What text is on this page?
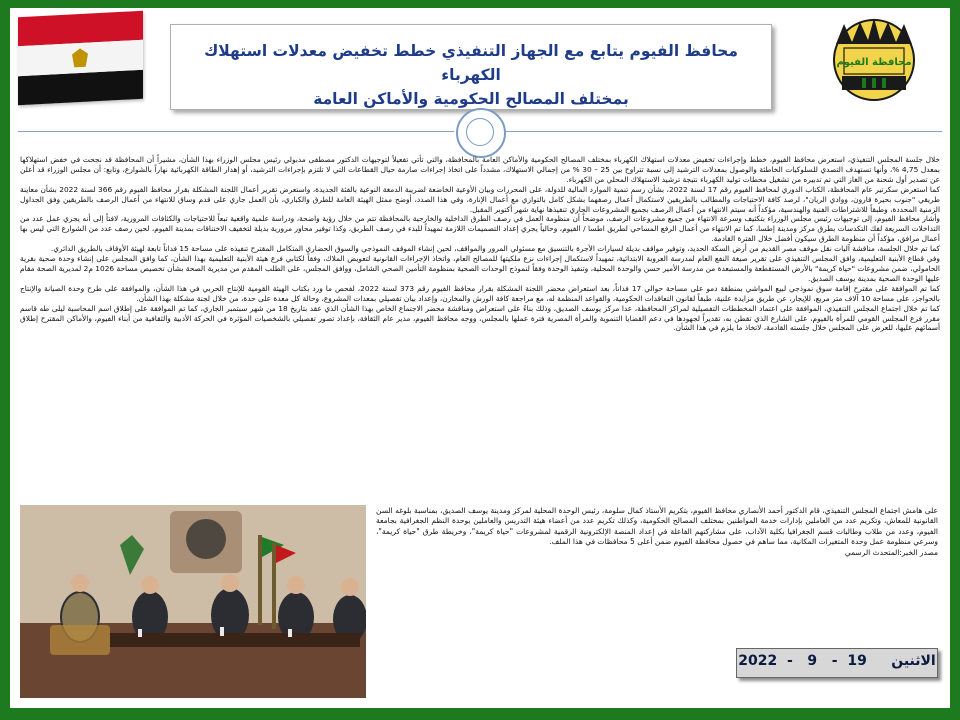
محافظة الفيوم
محافظ الفيوم يتابع مع الجهاز التنفيذي خطط تخفيض معدلات استهلاك الكهرباء
بمختلف المصالح الحكومية والأماكن العامة

خلال جلسة المجلس التنفيذي، استعرض محافظ الفيوم، خطط وإجراءات تخفيض معدلات استهلاك الكهرباء بمختلف المصالح الحكومية والأماكن العامة بالمحافظة، والتي تأتي تفعيلاً لتوجيهات الدكتور مصطفى مدبولي رئيس مجلس الوزراء بهذا الشأن، مشيراً أن المحافظة قد نجحت في خفض استهلاكها بمعدل 4,75 %، وأنها تستهدف التصدي للسلوكيات الخاطئة والوصول بمعدلات الترشيد إلى نسبة تتراوح بين 25 – 30 % من إجمالي الاستهلاك، مشدداً على اتخاذ إجراءات صارمة حيال القطاعات التي لا تلتزم بإجراءات الترشيد، أو إهدار الطاقة الكهربائية نهاراً بالشوارع، وتابع: أن مجلس الوزراء قد أعلن عن تصدير أول شحنة من الغاز التي تم تدبيره من تشغيل محطات توليد الكهرباء نتيجة ترشيد الاستهلاك المحلي من الكهرباء.

كما استعرض سكرتير عام المحافظة، الكتاب الدوري لمحافظ الفيوم رقم 17 لسنة 2022، بشأن رسم تنمية الموارد المالية للدولة، على المحررات وبيان الأوعية الخاضعة لضريبة الدمغة النوعية بالفئة الجديدة، واستعرض تقرير أعمال اللجنة المشكلة بقرار محافظ الفيوم رقم 366 لسنة 2022 بشأن معاينة طريقي "جنوب بحيرة قارون، ووادي الريان"، لرصد كافة الاحتياجات والمطالب بالطريقين لاستكمال أعمال رصفهما بشكل كامل بالتوازي مع أعمال الإنارة، وفي هذا الصدد، أوضح ممثل الهيئة العامة للطرق والكباري، بأن العمل جاري على قدم وساق للانتهاء من أعمال الرصف بالطريقين وفق الجداول الزمنية المحددة، وطبقاً للاشتراطات الفنية والهندسية، مؤكداً أنه سيتم الانتهاء من أعمال الرصف بجميع المشروعات الجاري تنفيذها نهاية شهر أكتوبر المقبل.

وأشار محافظ الفيوم، إلى توجيهات رئيس مجلس الوزراء بتكثيف وسرعة الانتهاء من جميع مشروعات الرصف، موضحاً أن منظومة العمل في رصف الطرق الداخلية والخارجية بالمحافظة تتم من خلال رؤية واضحة، ودراسة علمية واقعية تبعاً للاحتياجات والكثافات المرورية، لافتاً إلى أنه يجري عمل عدد من التداخلات السريعة لفك التكدسات بطرق مركز ومدينة إطسا، كما تم الانتهاء من أعمال الرفع المساحي لطريق اطسا / الفيوم، وحالياً يجري إعداد التصميمات اللازمة تمهيداً للبدء في رصف الطريق، وكذا توفير محاور مرورية بديلة لتخفيف الاختناقات بمدينة الفيوم، لحين رصف عدد من الشوارع التي ليس بها أعمال مرافق، مؤكداً أن منظومة الطرق سيكون أفضل خلال الفترة القادمة.

كما تم خلال الجلسة، مناقشة آليات نقل موقف مصر القديم من أرض السكة الحديد، وتوفير مواقف بديلة لسيارات الأجرة بالتنسيق مع مسئولي المرور والمواقف، لحين إنشاء الموقف النموذجي والسوق الحضاري المتكامل المقترح تنفيذه على مساحة 15 فداناً تابعة لهيئة الأوقاف بالطريق الدائري.

وفي قطاع الأبنية التعليمية، وافق المجلس التنفيذي على تقرير صيغة النفع العام لمدرسة العروبة الابتدائية، تمهيداً لاستكمال إجراءات نزع ملكيتها للمصالح العام، واتخاذ الإجراءات القانونية لتعويض الملاك، وفقاً لكتابي فرع هيئة الأبنية التعليمية بهذا الشأن، كما وافق المجلس على إنشاء وحدة صحية بقرية الحامولي، ضمن مشروعات "حياة كريمة" بالأرض المستقطعة والمستبعدة من مدرسة الأمير حسن والوحدة المحلية، وتنفيذ الوحدة وفقاً لنموذج الوحدات الصحية بمنظومة التأمين الصحي الشامل، ووافق المجلس، على الطلب المقدم من مديرية الصحة بشأن تخصيص مساحة 1026 م2 لمديرية الصحة مقام عليها الوحدة الصحية بمدينة يوسف الصديق.

كما تم الموافقة على مقترح إقامة سوق نموذجي لبيع المواشي بمنطقة دمو على مساحة حوالي 17 فداناً، بعد استعراض محضر اللجنة المشكلة بقرار محافظ الفيوم رقم 373 لسنة 2022، لفحص ما ورد بكتاب الهيئة القومية للإنتاج الحربي في هذا الشأن، والموافقة على طرح وحدة الصيانة والإنتاج بالحواجز، على مساحة 10 آلاف متر مربع، للإيجار، عن طريق مزايدة علنية، طبقاً لقانون التعاقدات الحكومية، والقواعد المنظمة له، مع مراجعة كافة الورش والمخازن، وإعداد بيان تفصيلي بمعدات المشروع، وحالة كل معدة على حدة، من خلال لجنة مشكلة بهذا الشأن.

كما تم خلال اجتماع المجلس التنفيذي، الموافقة على اعتماد المخططات التفصيلية لمراكز المحافظة، عدا مركز يوسف الصديق، وذلك بناءً على استعراض ومناقشة محضر الاجتماع الخاص بهذا الشأن الذي عقد بتاريخ 18 من شهر سبتمبر الجاري، كما تم الموافقة على إطلاق اسم المحاسبة ليلى طه قاسم مقرر فرع المجلس القومي للمرأة بالفيوم، على الشارع الذي تقطن به، تقديراً لجهودها في دعم القضايا التنموية والمرأة المصرية فترة عملها بالمجلس، ووجه محافظ الفيوم، مدير عام الثقافة، بإعداد تصور تفصيلي بالشخصيات المؤثرة في الحركة الأدبية والثقافية من أبناء الفيوم، والأماكن المقترح إطلاق أسمائهم عليها، للعرض على المجلس خلال جلسته القادمة، لاتخاذ ما يلزم في هذا الشأن.

على هامش اجتماع المجلس التنفيذي، قام الدكتور أحمد الأنصاري محافظ الفيوم، بتكريم الأستاذ كمال سلومة، رئيس الوحدة المحلية لمركز ومدينة يوسف الصديق، بمناسبة بلوغه السن القانونية للمعاش، وتكريم عدد من العاملين بإدارات خدمة المواطنين بمختلف المصالح الحكومية، وكذلك تكريم عدد من أعضاء هيئة التدريس والعاملين بوحدة النظم الجغرافية بجامعة الفيوم، وعدد من طلاب وطالبات قسم الجغرافيا بكلية الآداب، على مشاركتهم الفاعلة في إعداد المنصة الإلكترونية الرقمية لمشروعات "حياة كريمة"، وخريطة طرق "حياة كريمة"، وسرعي منظومة عمل وحدة المتغيرات المكانية، مما ساهم في حصول محافظة الفيوم ضمن أعلى 5 محافظات في هذا الملف.
مصدر الخبر:المتحدث الرسمي
الاثنين     19  -   9   -  2022
